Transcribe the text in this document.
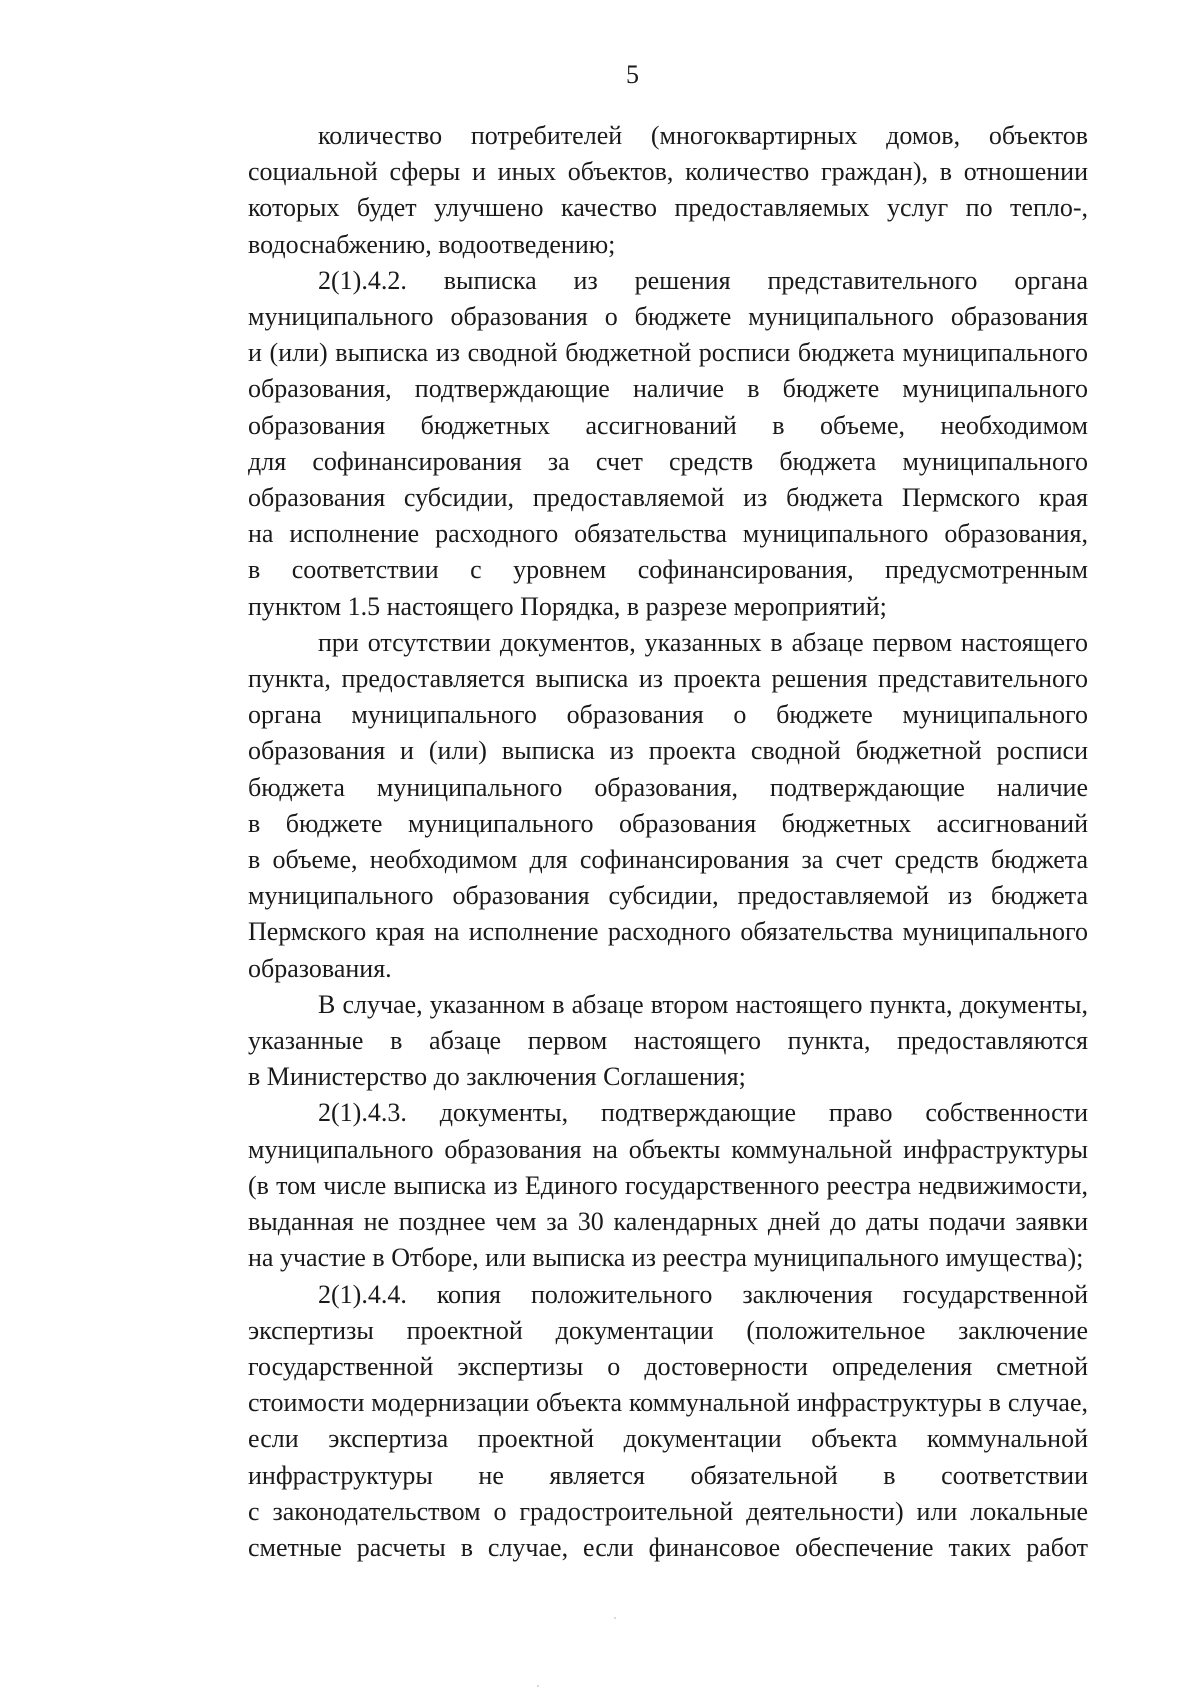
5
количество потребителей (многоквартирных домов, объектов
социальной сферы и иных объектов, количество граждан), в отношении
которых будет улучшено качество предоставляемых услуг по тепло-,
водоснабжению, водоотведению;
2(1).4.2. выписка из решения представительного органа
муниципального образования о бюджете муниципального образования
и (или) выписка из сводной бюджетной росписи бюджета муниципального
образования, подтверждающие наличие в бюджете муниципального
образования бюджетных ассигнований в объеме, необходимом
для софинансирования за счет средств бюджета муниципального
образования субсидии, предоставляемой из бюджета Пермского края
на исполнение расходного обязательства муниципального образования,
в соответствии с уровнем софинансирования, предусмотренным
пунктом 1.5 настоящего Порядка, в разрезе мероприятий;
при отсутствии документов, указанных в абзаце первом настоящего
пункта, предоставляется выписка из проекта решения представительного
органа муниципального образования о бюджете муниципального
образования и (или) выписка из проекта сводной бюджетной росписи
бюджета муниципального образования, подтверждающие наличие
в бюджете муниципального образования бюджетных ассигнований
в объеме, необходимом для софинансирования за счет средств бюджета
муниципального образования субсидии, предоставляемой из бюджета
Пермского края на исполнение расходного обязательства муниципального
образования.
В случае, указанном в абзаце втором настоящего пункта, документы,
указанные в абзаце первом настоящего пункта, предоставляются
в Министерство до заключения Соглашения;
2(1).4.3. документы, подтверждающие право собственности
муниципального образования на объекты коммунальной инфраструктуры
(в том числе выписка из Единого государственного реестра недвижимости,
выданная не позднее чем за 30 календарных дней до даты подачи заявки
на участие в Отборе, или выписка из реестра муниципального имущества);
2(1).4.4. копия положительного заключения государственной
экспертизы проектной документации (положительное заключение
государственной экспертизы о достоверности определения сметной
стоимости модернизации объекта коммунальной инфраструктуры в случае,
если экспертиза проектной документации объекта коммунальной
инфраструктуры не является обязательной в соответствии
с законодательством о градостроительной деятельности) или локальные
сметные расчеты в случае, если финансовое обеспечение таких работ
